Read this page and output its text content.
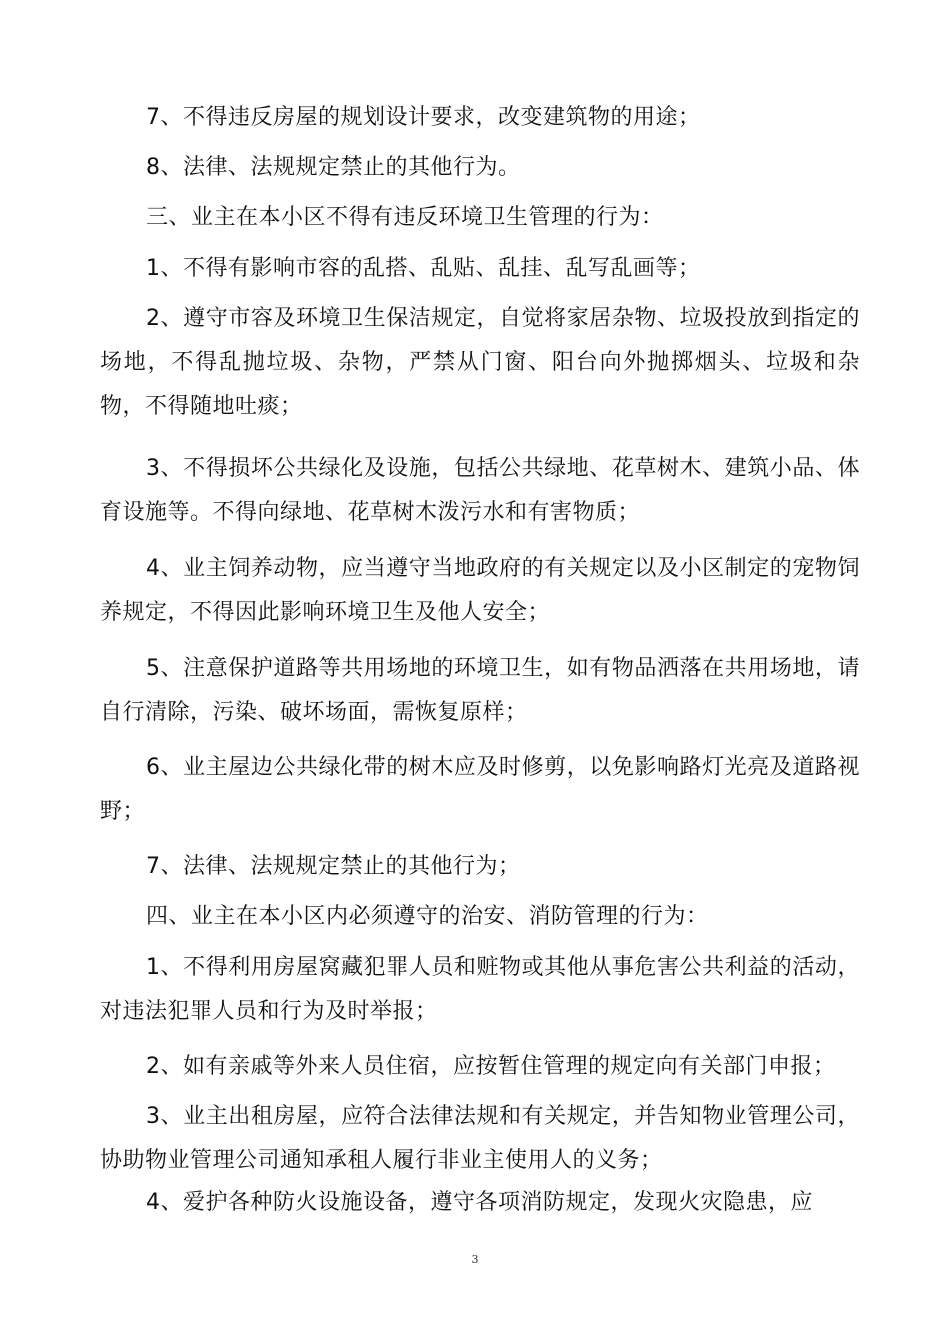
7、不得违反房屋的规划设计要求，改变建筑物的用途；

8、法律、法规规定禁止的其他行为。

三、业主在本小区不得有违反环境卫生管理的行为：

1、不得有影响市容的乱搭、乱贴、乱挂、乱写乱画等；

2、遵守市容及环境卫生保洁规定，自觉将家居杂物、垃圾投放到指定的场地，不得乱抛垃圾、杂物，严禁从门窗、阳台向外抛掷烟头、垃圾和杂物，不得随地吐痰；

3、不得损坏公共绿化及设施，包括公共绿地、花草树木、建筑小品、体育设施等。不得向绿地、花草树木泼污水和有害物质；

4、业主饲养动物，应当遵守当地政府的有关规定以及小区制定的宠物饲养规定，不得因此影响环境卫生及他人安全；

5、注意保护道路等共用场地的环境卫生，如有物品洒落在共用场地，请自行清除，污染、破坏场面，需恢复原样；

6、业主屋边公共绿化带的树木应及时修剪，以免影响路灯光亮及道路视野；

7、法律、法规规定禁止的其他行为；

四、业主在本小区内必须遵守的治安、消防管理的行为：

1、不得利用房屋窝藏犯罪人员和赃物或其他从事危害公共利益的活动，对违法犯罪人员和行为及时举报；

2、如有亲戚等外来人员住宿，应按暂住管理的规定向有关部门申报；

3、业主出租房屋，应符合法律法规和有关规定，并告知物业管理公司，协助物业管理公司通知承租人履行非业主使用人的义务；

4、爱护各种防火设施设备，遵守各项消防规定，发现火灾隐患，应

3
